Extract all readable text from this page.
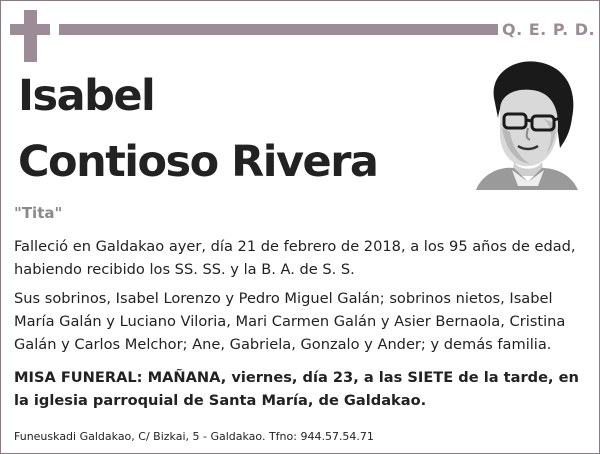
Q. E. P. D.
Isabel
Contioso Rivera
"Tita"
Falleció en Galdakao ayer, día 21 de febrero de 2018, a los 95 años de edad, habiendo recibido los SS. SS. y la B. A. de S. S.
Sus sobrinos, Isabel Lorenzo y Pedro Miguel Galán; sobrinos nietos, Isabel María Galán y Luciano Viloria, Mari Carmen Galán y Asier Bernaola, Cristina Galán y Carlos Melchor; Ane, Gabriela, Gonzalo y Ander; y demás familia.
MISA FUNERAL: MAÑANA, viernes, día 23, a las SIETE de la tarde, en la iglesia parroquial de Santa María, de Galdakao.
Funeuskadi Galdakao, C/ Bizkai, 5 - Galdakao. Tfno: 944.57.54.71
